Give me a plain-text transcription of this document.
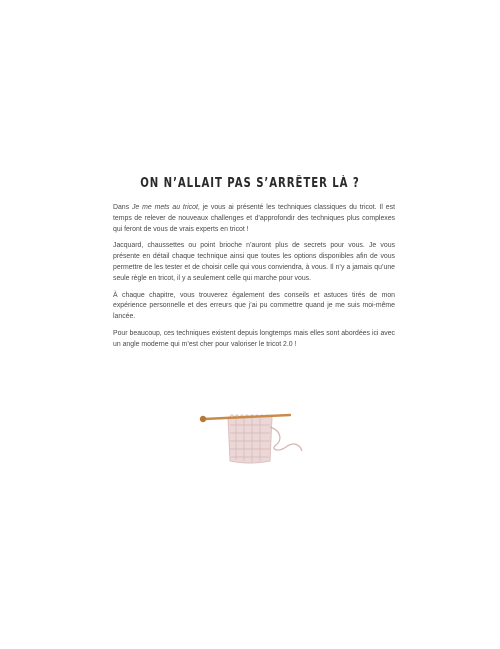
ON N’ALLAIT PAS S’ARRÊTER LÀ ?

Dans Je me mets au tricot, je vous ai présenté les techniques classiques du tricot. Il est temps de relever de nouveaux challenges et d’approfondir des techniques plus complexes qui feront de vous de vrais experts en tricot !

Jacquard, chaussettes ou point brioche n’auront plus de secrets pour vous. Je vous présente en détail chaque technique ainsi que toutes les options disponibles afin de vous permettre de les tester et de choisir celle qui vous conviendra, à vous. Il n’y a jamais qu’une seule règle en tricot, il y a seulement celle qui marche pour vous.

À chaque chapitre, vous trouverez également des conseils et astuces tirés de mon expérience personnelle et des erreurs que j’ai pu commettre quand je me suis moi-même lancée.

Pour beaucoup, ces techniques existent depuis longtemps mais elles sont abordées ici avec un angle moderne qui m’est cher pour valoriser le tricot 2.0 !
